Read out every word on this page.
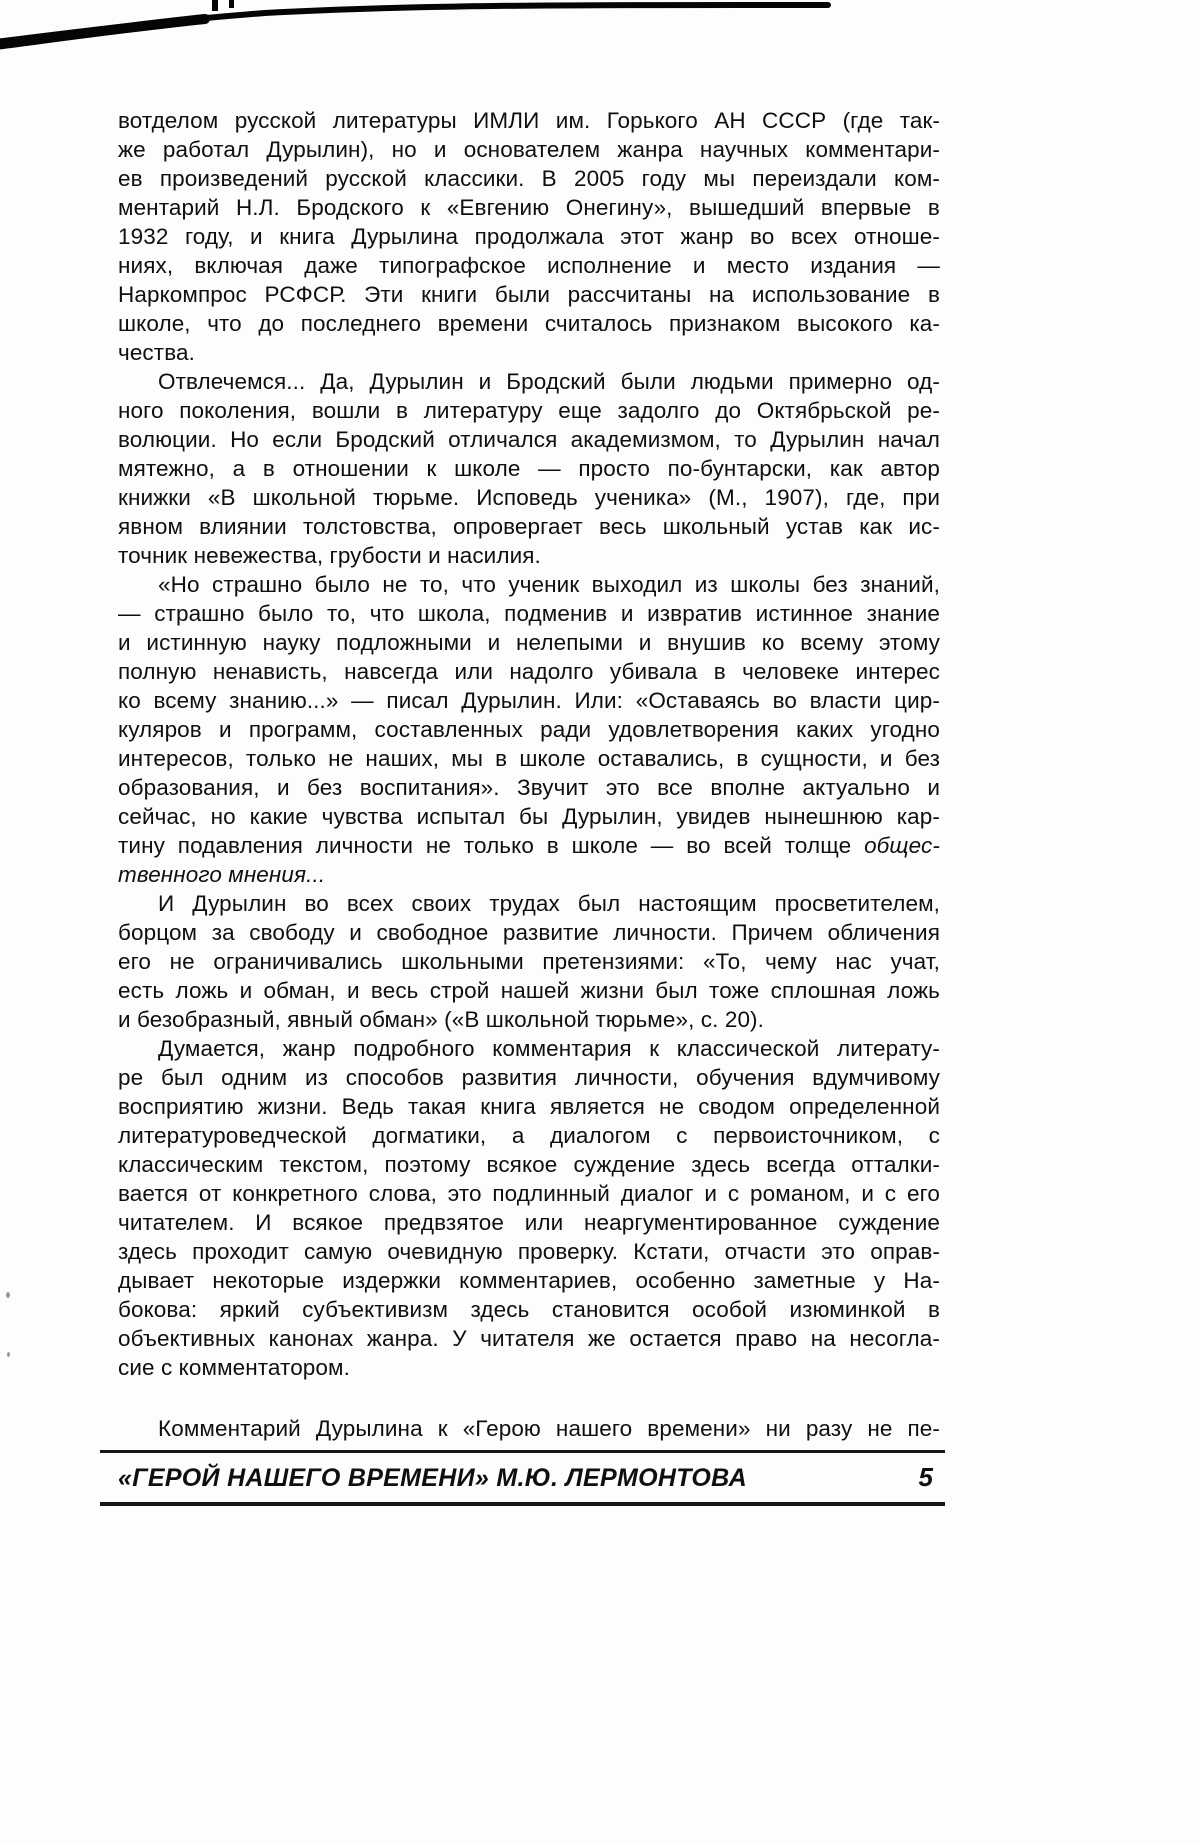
вотделом русской литературы ИМЛИ им. Горького АН СССР (где так-
же работал Дурылин), но и основателем жанра научных комментари-
ев произведений русской классики. В 2005 году мы переиздали ком-
ментарий Н.Л. Бродского к «Евгению Онегину», вышедший впервые в
1932 году, и книга Дурылина продолжала этот жанр во всех отноше-
ниях, включая даже типографское исполнение и место издания —
Наркомпрос РСФСР. Эти книги были рассчитаны на использование в
школе, что до последнего времени считалось признаком высокого ка-
чества.
Отвлечемся... Да, Дурылин и Бродский были людьми примерно од-
ного поколения, вошли в литературу еще задолго до Октябрьской ре-
волюции. Но если Бродский отличался академизмом, то Дурылин начал
мятежно, а в отношении к школе — просто по-бунтарски, как автор
книжки «В школьной тюрьме. Исповедь ученика» (М., 1907), где, при
явном влиянии толстовства, опровергает весь школьный устав как ис-
точник невежества, грубости и насилия.
«Но страшно было не то, что ученик выходил из школы без знаний,
— страшно было то, что школа, подменив и извратив истинное знание
и истинную науку подложными и нелепыми и внушив ко всему этому
полную ненависть, навсегда или надолго убивала в человеке интерес
ко всему знанию...» — писал Дурылин. Или: «Оставаясь во власти цир-
куляров и программ, составленных ради удовлетворения каких угодно
интересов, только не наших, мы в школе оставались, в сущности, и без
образования, и без воспитания». Звучит это все вполне актуально и
сейчас, но какие чувства испытал бы Дурылин, увидев нынешнюю кар-
тину подавления личности не только в школе — во всей толще общес-
твенного мнения...
И Дурылин во всех своих трудах был настоящим просветителем,
борцом за свободу и свободное развитие личности. Причем обличения
его не ограничивались школьными претензиями: «То, чему нас учат,
есть ложь и обман, и весь строй нашей жизни был тоже сплошная ложь
и безобразный, явный обман» («В школьной тюрьме», с. 20).
Думается, жанр подробного комментария к классической литерату-
ре был одним из способов развития личности, обучения вдумчивому
восприятию жизни. Ведь такая книга является не сводом определенной
литературоведческой догматики, а диалогом с первоисточником, с
классическим текстом, поэтому всякое суждение здесь всегда отталки-
вается от конкретного слова, это подлинный диалог и с романом, и с его
читателем. И всякое предвзятое или неаргументированное суждение
здесь проходит самую очевидную проверку. Кстати, отчасти это оправ-
дывает некоторые издержки комментариев, особенно заметные у На-
бокова: яркий субъективизм здесь становится особой изюминкой в
объективных канонах жанра. У читателя же остается право на несогла-
сие с комментатором.
Комментарий Дурылина к «Герою нашего времени» ни разу не пе-
«ГЕРОЙ НАШЕГО ВРЕМЕНИ» М.Ю. ЛЕРМОНТОВА	5
